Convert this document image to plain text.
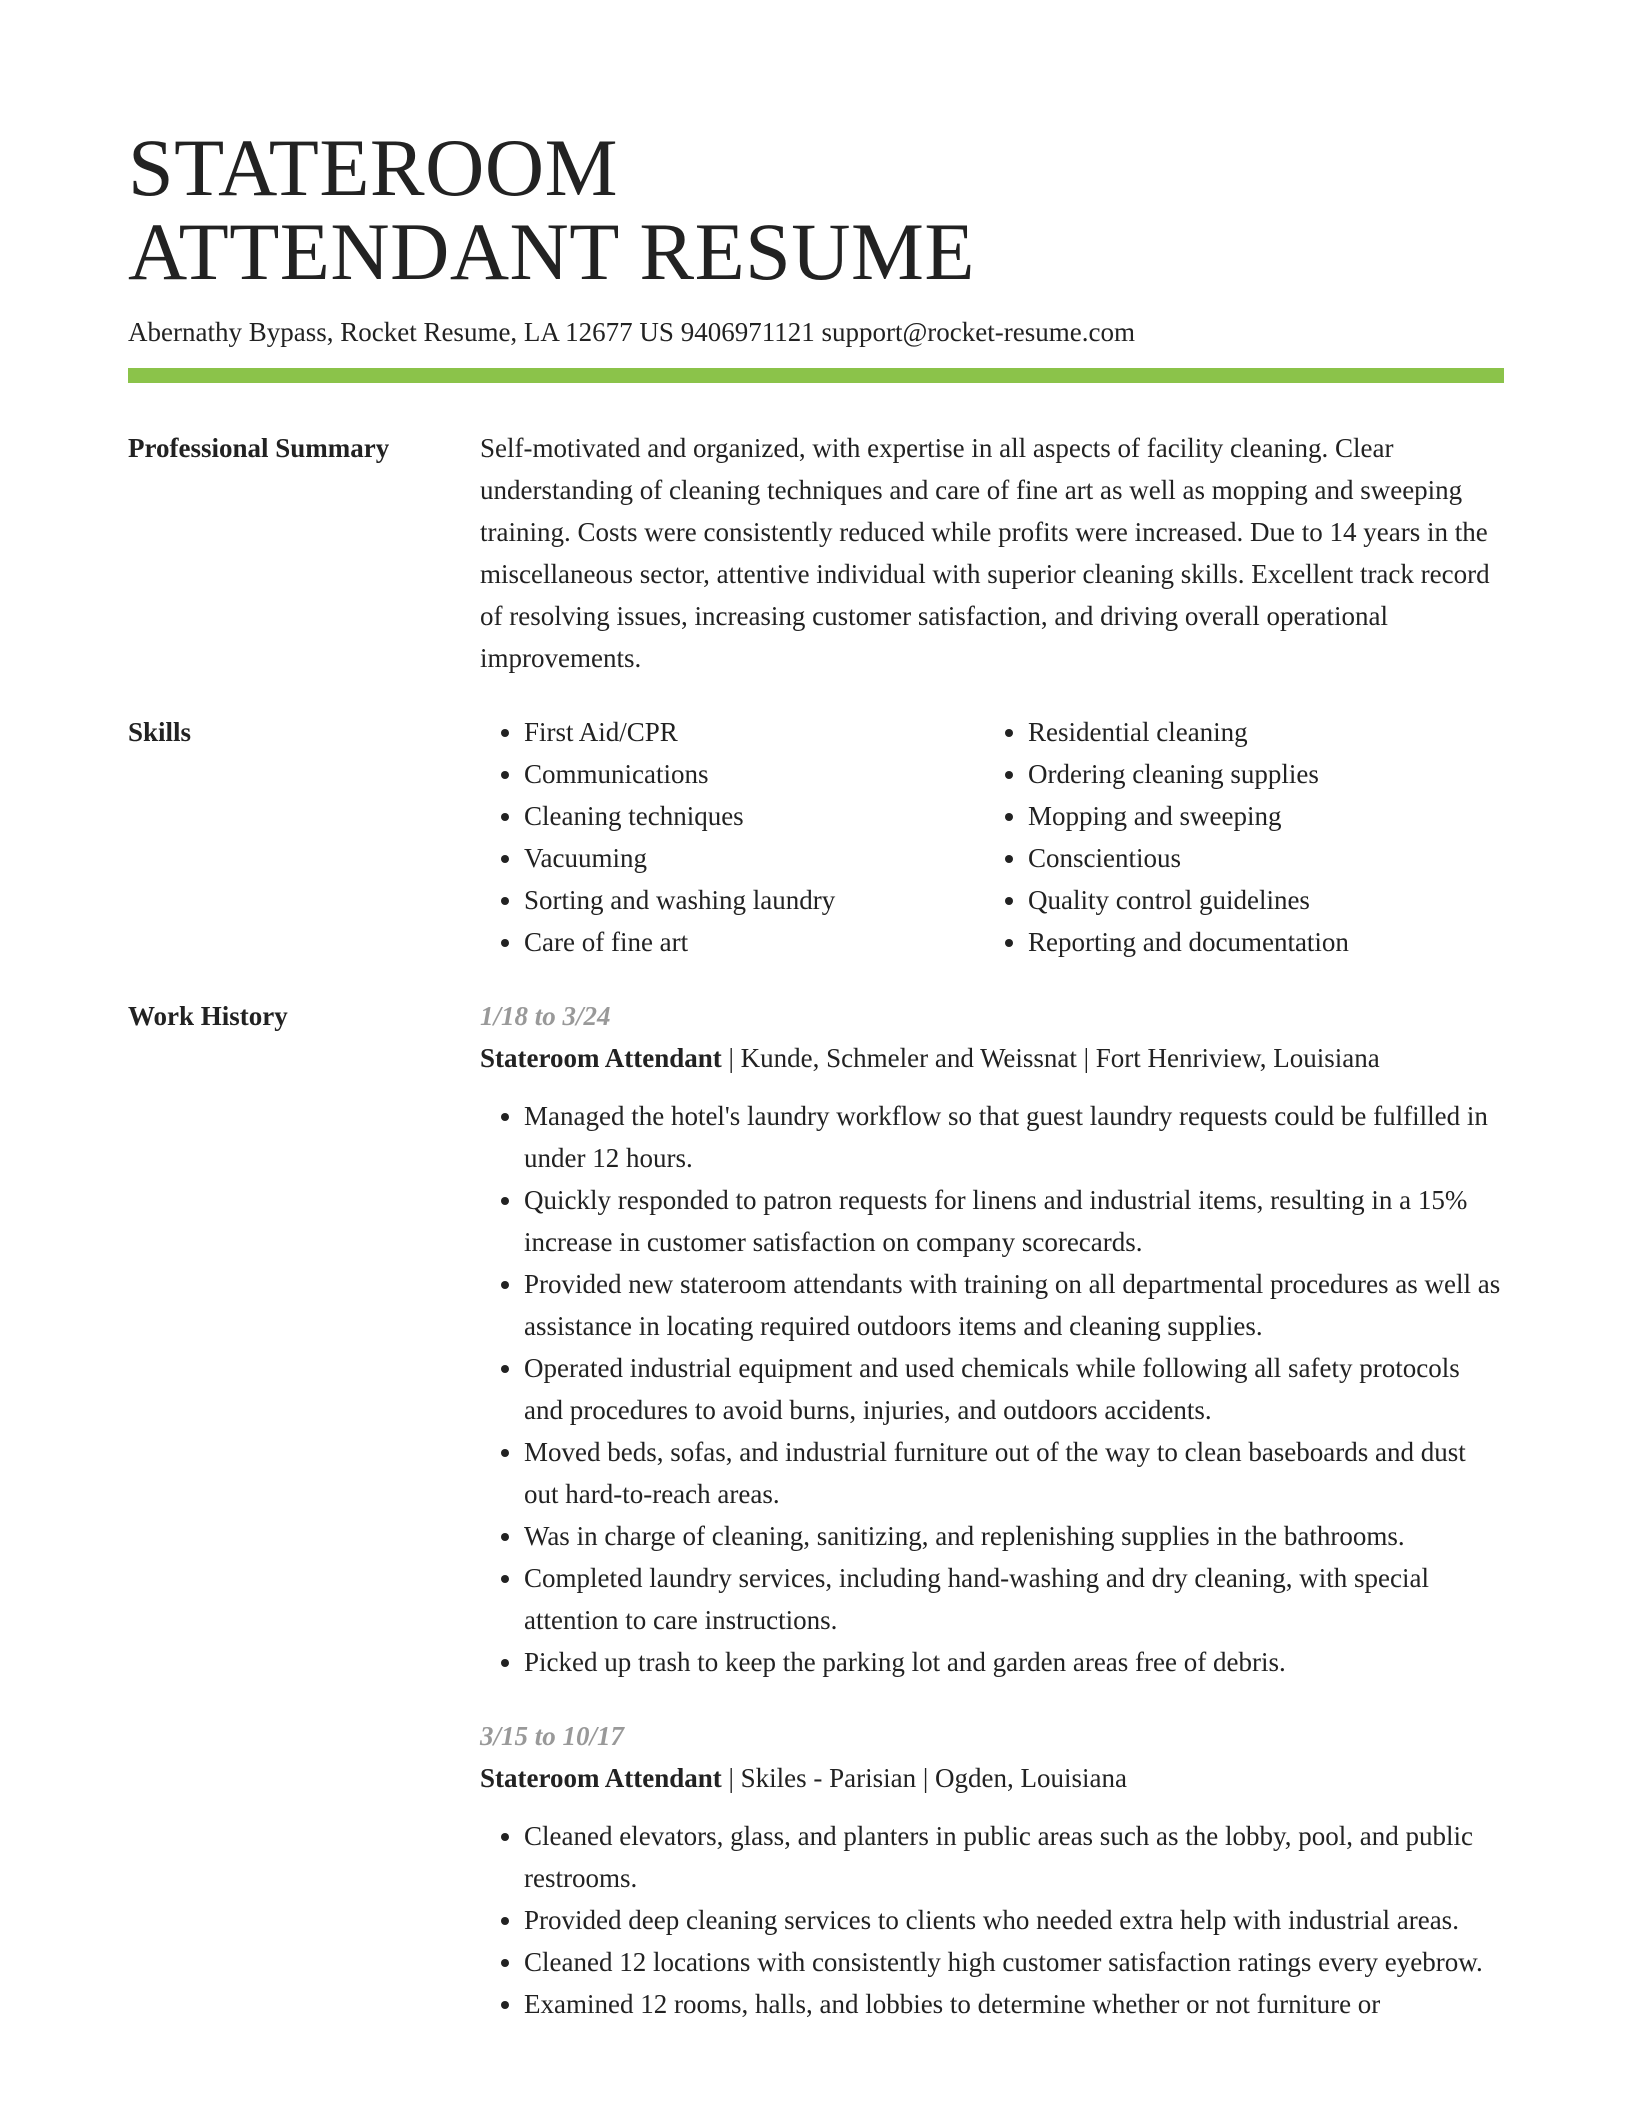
STATEROOM
ATTENDANT RESUME
Abernathy Bypass, Rocket Resume, LA 12677 US 9406971121 support@rocket-resume.com
Professional Summary	Self-motivated and organized, with expertise in all aspects of facility cleaning. Clear understanding of cleaning techniques and care of fine art as well as mopping and sweeping training. Costs were consistently reduced while profits were increased. Due to 14 years in the miscellaneous sector, attentive individual with superior cleaning skills. Excellent track record of resolving issues, increasing customer satisfaction, and driving overall operational improvements.

Skills
•	First Aid/CPR
• Communications
• Cleaning techniques
• Vacuuming
• Sorting and washing laundry
• Care of fine art
• Residential cleaning
• Ordering cleaning supplies
• Mopping and sweeping
• Conscientious
• Quality control guidelines
• Reporting and documentation
Work History	1/18 to 3/24
Stateroom Attendant | Kunde, Schmeler and Weissnat | Fort Henriview, Louisiana
• Managed the hotel's laundry workflow so that guest laundry requests could be fulfilled in under 12 hours.
• Quickly responded to patron requests for linens and industrial items, resulting in a 15% increase in customer satisfaction on company scorecards.
• Provided new stateroom attendants with training on all departmental procedures as well as assistance in locating required outdoors items and cleaning supplies.
• Operated industrial equipment and used chemicals while following all safety protocols and procedures to avoid burns, injuries, and outdoors accidents.
• Moved beds, sofas, and industrial furniture out of the way to clean baseboards and dust out hard-to-reach areas.
• Was in charge of cleaning, sanitizing, and replenishing supplies in the bathrooms.
• Completed laundry services, including hand-washing and dry cleaning, with special attention to care instructions.
• Picked up trash to keep the parking lot and garden areas free of debris.
3/15 to 10/17
Stateroom Attendant | Skiles - Parisian | Ogden, Louisiana
• Cleaned elevators, glass, and planters in public areas such as the lobby, pool, and public restrooms.
• Provided deep cleaning services to clients who needed extra help with industrial areas.
• Cleaned 12 locations with consistently high customer satisfaction ratings every eyebrow.
• Examined 12 rooms, halls, and lobbies to determine whether or not furniture or
